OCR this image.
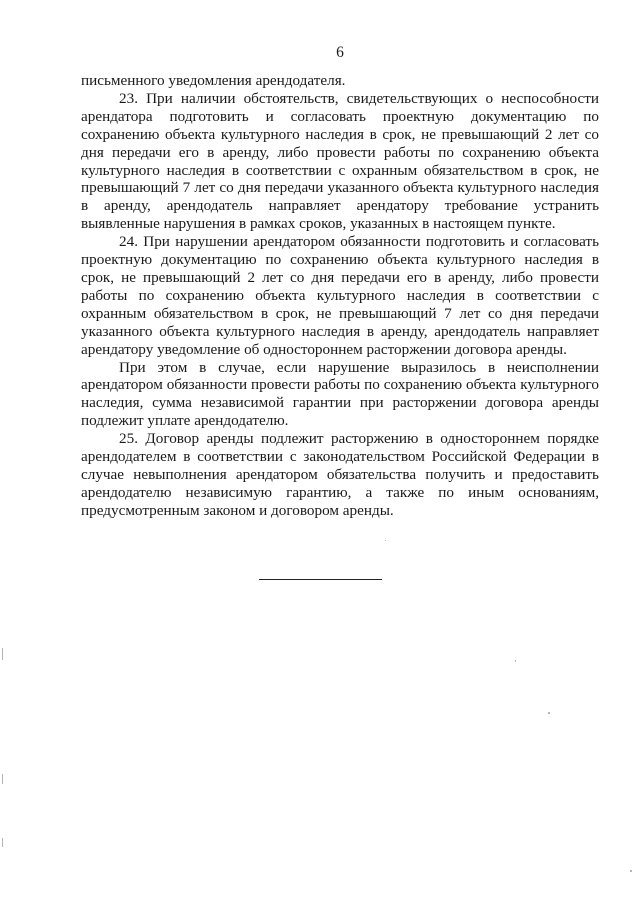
6

письменного уведомления арендодателя.

23. При наличии обстоятельств, свидетельствующих о неспособности арендатора подготовить и согласовать проектную документацию по сохранению объекта культурного наследия в срок, не превышающий 2 лет со дня передачи его в аренду, либо провести работы по сохранению объекта культурного наследия в соответствии с охранным обязательством в срок, не превышающий 7 лет со дня передачи указанного объекта культурного наследия в аренду, арендодатель направляет арендатору требование устранить выявленные нарушения в рамках сроков, указанных в настоящем пункте.

24. При нарушении арендатором обязанности подготовить и согласовать проектную документацию по сохранению объекта культурного наследия в срок, не превышающий 2 лет со дня передачи его в аренду, либо провести работы по сохранению объекта культурного наследия в соответствии с охранным обязательством в срок, не превышающий 7 лет со дня передачи указанного объекта культурного наследия в аренду, арендодатель направляет арендатору уведомление об одностороннем расторжении договора аренды.

При этом в случае, если нарушение выразилось в неисполнении арендатором обязанности провести работы по сохранению объекта культурного наследия, сумма независимой гарантии при расторжении договора аренды подлежит уплате арендодателю.

25. Договор аренды подлежит расторжению в одностороннем порядке арендодателем в соответствии с законодательством Российской Федерации в случае невыполнения арендатором обязательства получить и предоставить арендодателю независимую гарантию, а также по иным основаниям, предусмотренным законом и договором аренды.
